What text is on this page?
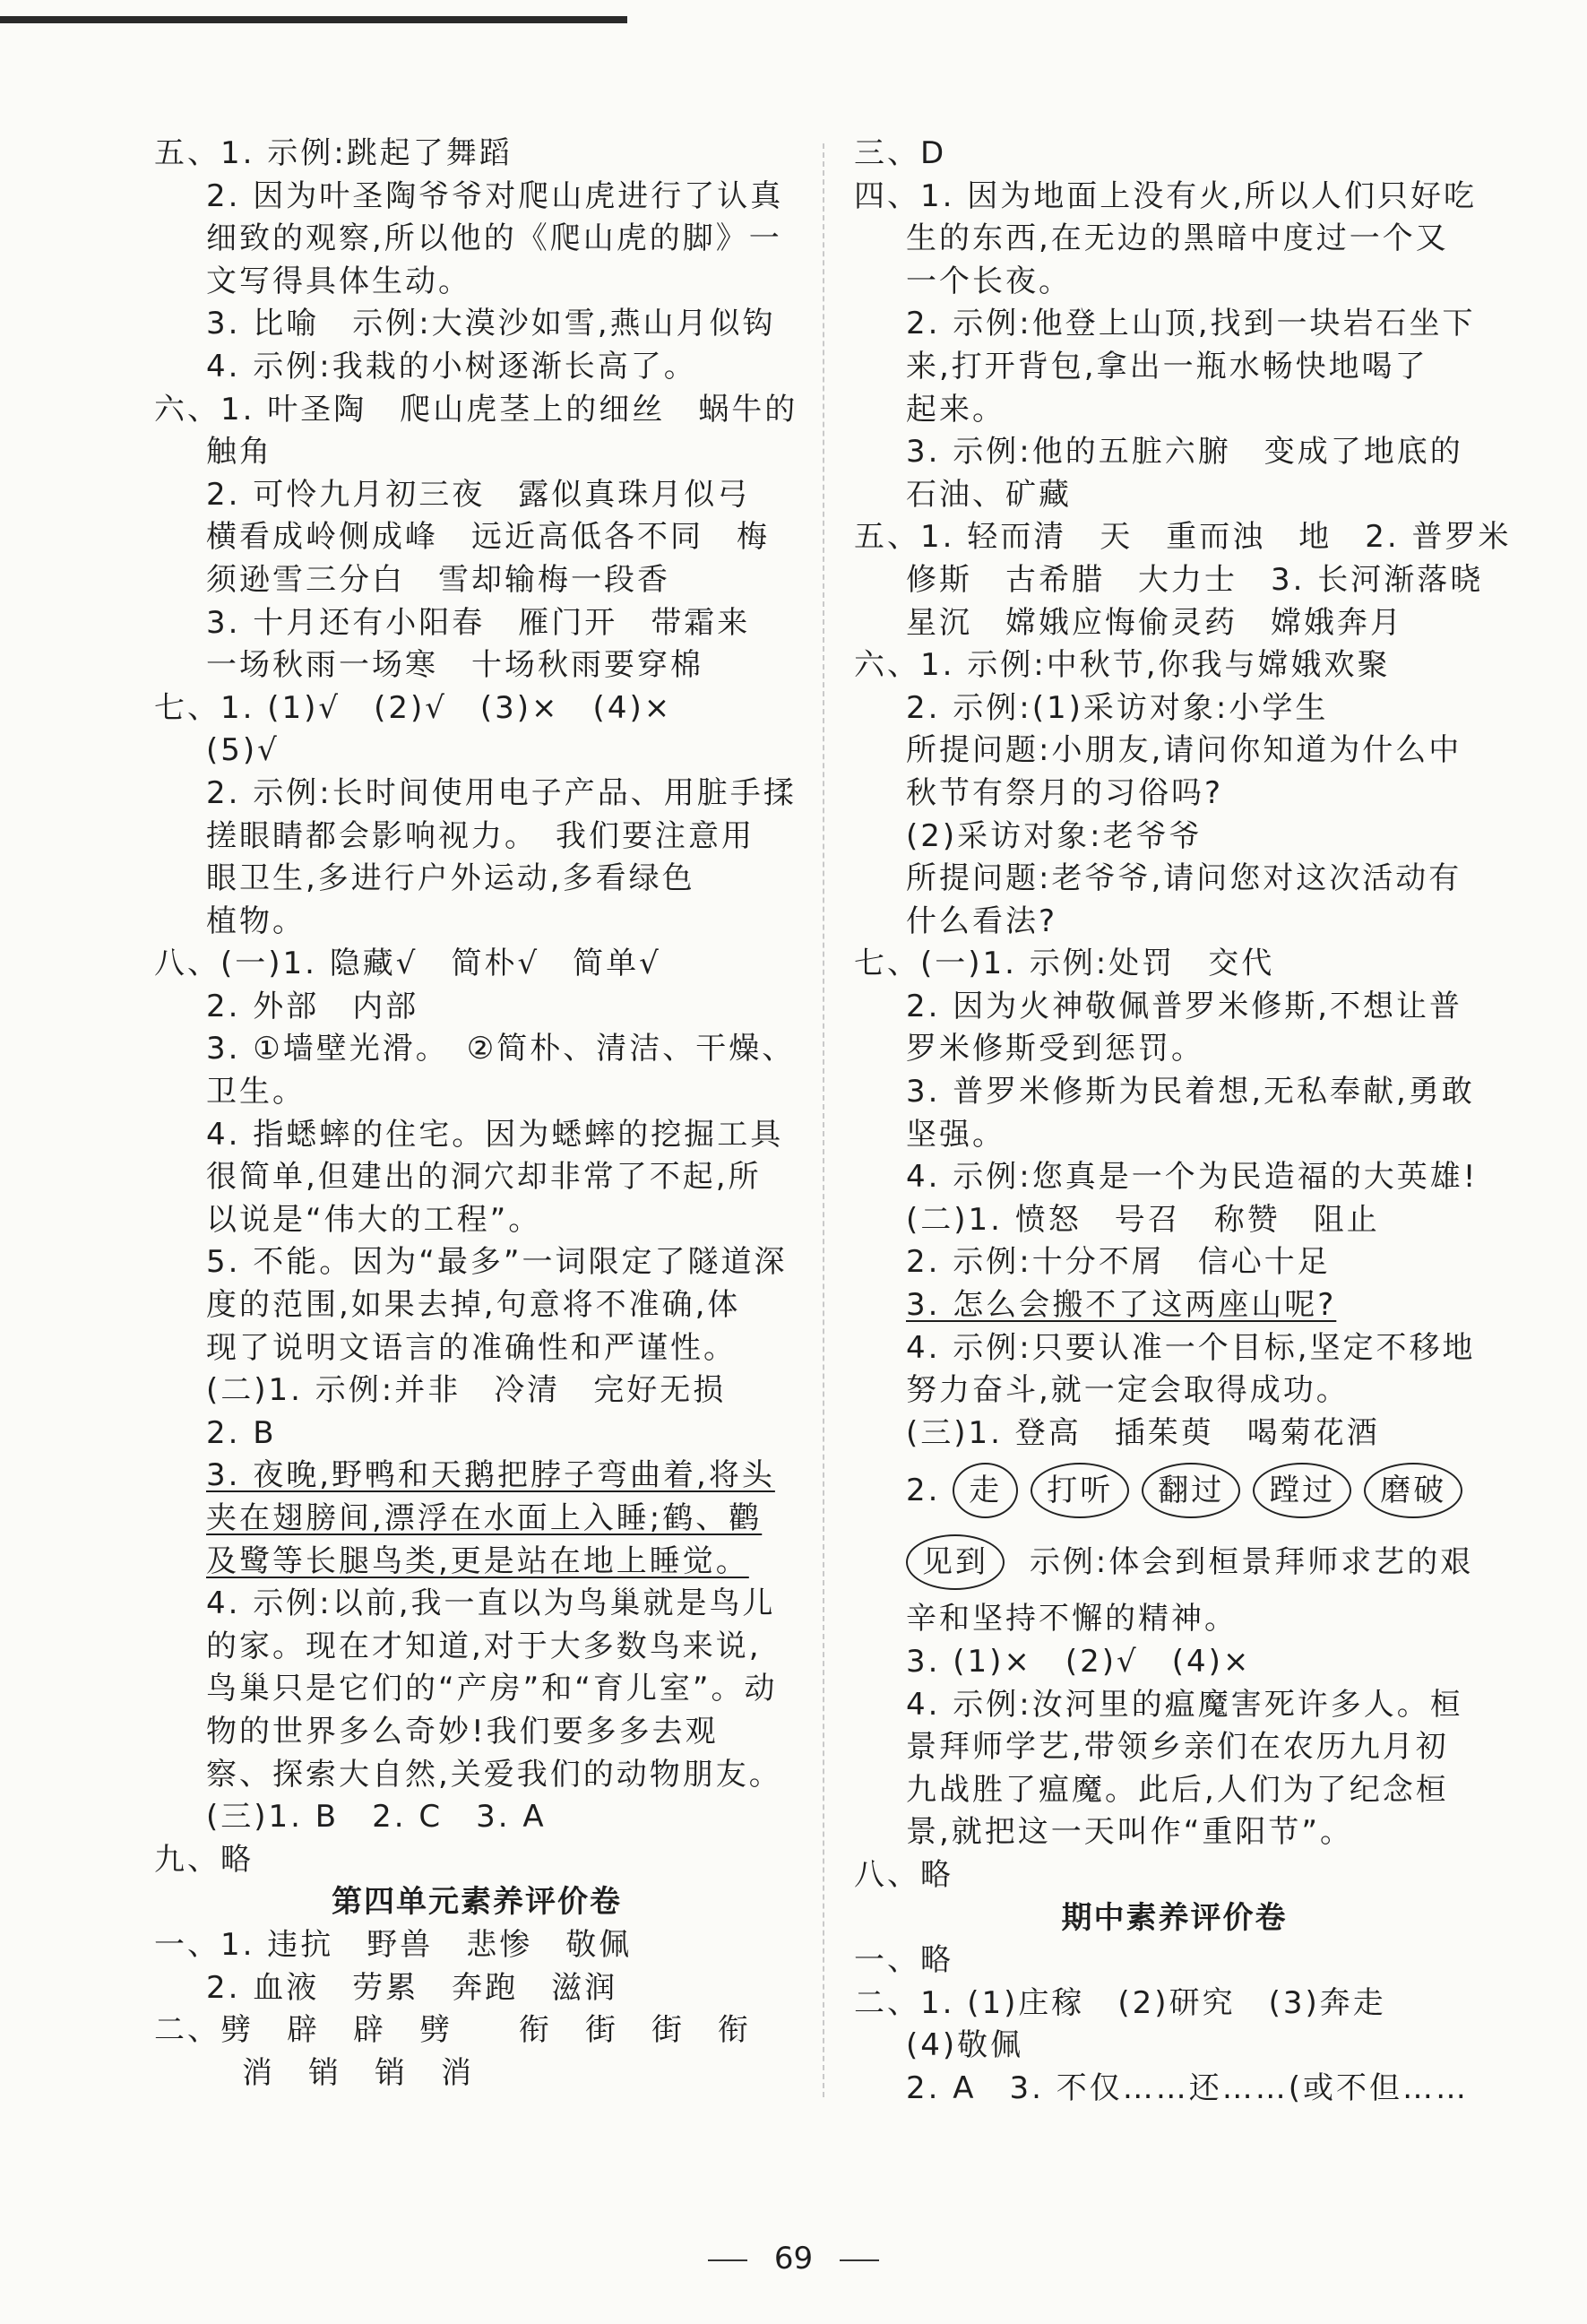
五、1. 示例:跳起了舞蹈
2. 因为叶圣陶爷爷对爬山虎进行了认真
细致的观察,所以他的《爬山虎的脚》一
文写得具体生动。
3. 比喻　示例:大漠沙如雪,燕山月似钩
4. 示例:我栽的小树逐渐长高了。
六、1. 叶圣陶　爬山虎茎上的细丝　蜗牛的
触角
2. 可怜九月初三夜　露似真珠月似弓
横看成岭侧成峰　远近高低各不同　梅
须逊雪三分白　雪却输梅一段香
3. 十月还有小阳春　雁门开　带霜来
一场秋雨一场寒　十场秋雨要穿棉
七、1. (1)√　(2)√　(3)×　(4)×
(5)√
2. 示例:长时间使用电子产品、用脏手揉
搓眼睛都会影响视力。　我们要注意用
眼卫生,多进行户外运动,多看绿色
植物。
八、(一)1. 隐藏√　简朴√　简单√
2. 外部　内部
3. ①墙壁光滑。　②简朴、清洁、干燥、
卫生。
4. 指蟋蟀的住宅。因为蟋蟀的挖掘工具
很简单,但建出的洞穴却非常了不起,所
以说是“伟大的工程”。
5. 不能。因为“最多”一词限定了隧道深
度的范围,如果去掉,句意将不准确,体
现了说明文语言的准确性和严谨性。
(二)1. 示例:并非　冷清　完好无损
2. B
3. 夜晚,野鸭和天鹅把脖子弯曲着,将头
夹在翅膀间,漂浮在水面上入睡;鹤、鹳
及鹭等长腿鸟类,更是站在地上睡觉。
4. 示例:以前,我一直以为鸟巢就是鸟儿
的家。现在才知道,对于大多数鸟来说,
鸟巢只是它们的“产房”和“育儿室”。动
物的世界多么奇妙!我们要多多去观
察、探索大自然,关爱我们的动物朋友。
(三)1. B　2. C　3. A
九、略
第四单元素养评价卷
一、1. 违抗　野兽　悲惨　敬佩
2. 血液　劳累　奔跑　滋润
二、劈　辟　辟　劈　　衔　街　街　衔
消　销　销　消
三、D
四、1. 因为地面上没有火,所以人们只好吃
生的东西,在无边的黑暗中度过一个又
一个长夜。
2. 示例:他登上山顶,找到一块岩石坐下
来,打开背包,拿出一瓶水畅快地喝了
起来。
3. 示例:他的五脏六腑　变成了地底的
石油、矿藏
五、1. 轻而清　天　重而浊　地　2. 普罗米
修斯　古希腊　大力士　3. 长河渐落晓
星沉　嫦娥应悔偷灵药　嫦娥奔月
六、1. 示例:中秋节,你我与嫦娥欢聚
2. 示例:(1)采访对象:小学生
所提问题:小朋友,请问你知道为什么中
秋节有祭月的习俗吗?
(2)采访对象:老爷爷
所提问题:老爷爷,请问您对这次活动有
什么看法?
七、(一)1. 示例:处罚　交代
2. 因为火神敬佩普罗米修斯,不想让普
罗米修斯受到惩罚。
3. 普罗米修斯为民着想,无私奉献,勇敢
坚强。
4. 示例:您真是一个为民造福的大英雄!
(二)1. 愤怒　号召　称赞　阻止
2. 示例:十分不屑　信心十足
3. 怎么会搬不了这两座山呢?
4. 示例:只要认准一个目标,坚定不移地
努力奋斗,就一定会取得成功。
(三)1. 登高　插茱萸　喝菊花酒
2. 走 打听 翻过 蹚过 磨破
见到 示例:体会到桓景拜师求艺的艰
辛和坚持不懈的精神。
3. (1)×　(2)√　(4)×
4. 示例:汝河里的瘟魔害死许多人。桓
景拜师学艺,带领乡亲们在农历九月初
九战胜了瘟魔。此后,人们为了纪念桓
景,就把这一天叫作“重阳节”。
八、略
期中素养评价卷
一、略
二、1. (1)庄稼　(2)研究　(3)奔走
(4)敬佩
2. A　3. 不仅……还……(或不但……
69
